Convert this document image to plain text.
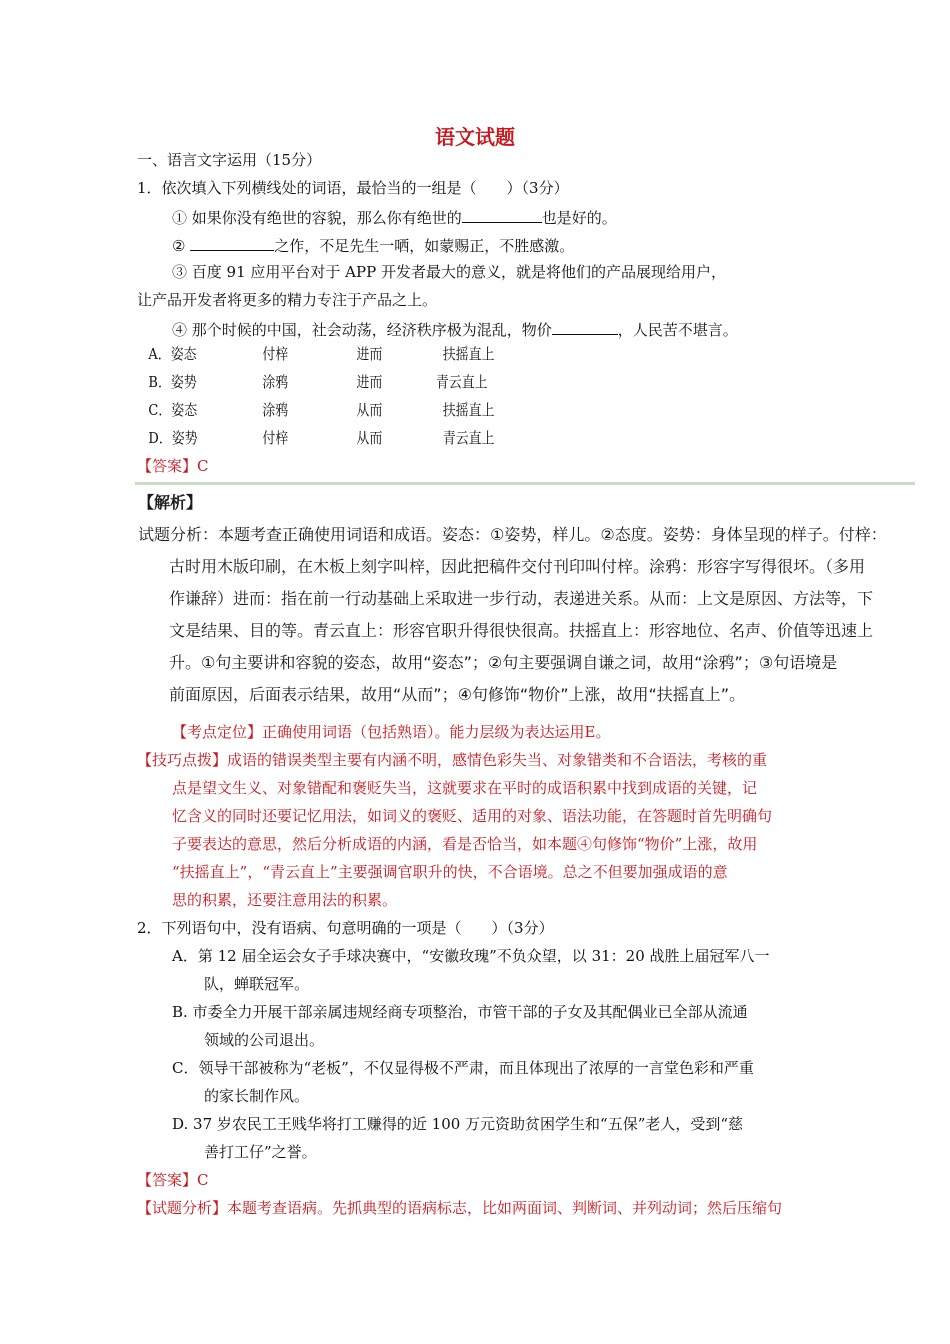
语文试题
一、语言文字运用（15分）
1．依次填入下列横线处的词语，最恰当的一组是（　　）（3分）
① 如果你没有绝世的容貌，那么你有绝世的	也是好的。
②	之作，不足先生一哂，如蒙赐正，不胜感激。
③ 百度 91 应用平台对于 APP 开发者最大的意义，就是将他们的产品展现给用户，
让产品开发者将更多的精力专注于产品之上。
④ 那个时候的中国，社会动荡，经济秩序极为混乱，物价	，人民苦不堪言。
A．姿态	付梓	进而	扶摇直上
B．姿势	涂鸦	进而	青云直上
C．姿态	涂鸦	从而	扶摇直上
D．姿势	付梓	从而	青云直上
【答案】C
【解析】
试题分析：本题考查正确使用词语和成语。姿态：①姿势，样儿。②态度。姿势：身体呈现的样子。付梓：
古时用木版印刷，在木板上刻字叫梓，因此把稿件交付刊印叫付梓。涂鸦：形容字写得很坏。（多用
作谦辞）进而：指在前一行动基础上采取进一步行动，表递进关系。从而：上文是原因、方法等，下
文是结果、目的等。青云直上：形容官职升得很快很高。扶摇直上：形容地位、名声、价值等迅速上
升。①句主要讲和容貌的姿态，故用“姿态”；②句主要强调自谦之词，故用“涂鸦”；③句语境是
前面原因，后面表示结果，故用“从而”；④句修饰“物价”上涨，故用“扶摇直上”。
【考点定位】正确使用词语（包括熟语）。能力层级为表达运用E。
【技巧点拨】成语的错误类型主要有内涵不明，感情色彩失当、对象错类和不合语法，考核的重
点是望文生义、对象错配和褒贬失当，这就要求在平时的成语积累中找到成语的关键，记
忆含义的同时还要记忆用法，如词义的褒贬、适用的对象、语法功能，在答题时首先明确句
子要表达的意思，然后分析成语的内涵，看是否恰当，如本题④句修饰“物价”上涨，故用
“扶摇直上”，“青云直上”主要强调官职升的快，不合语境。总之不但要加强成语的意
思的积累，还要注意用法的积累。
2．下列语句中，没有语病、句意明确的一项是（　　）（3分）
A．第 12 届全运会女子手球决赛中，“安徽玫瑰”不负众望，以 31：20 战胜上届冠军八一
队，蝉联冠军。
B. 市委全力开展干部亲属违规经商专项整治，市管干部的子女及其配偶业已全部从流通
领域的公司退出。
C．领导干部被称为“老板”，不仅显得极不严肃，而且体现出了浓厚的一言堂色彩和严重
的家长制作风。
D. 37 岁农民工王贱华将打工赚得的近 100 万元资助贫困学生和“五保”老人，受到“慈
善打工仔”之誉。
【答案】C
【试题分析】本题考查语病。先抓典型的语病标志，比如两面词、判断词、并列动词；然后压缩句
